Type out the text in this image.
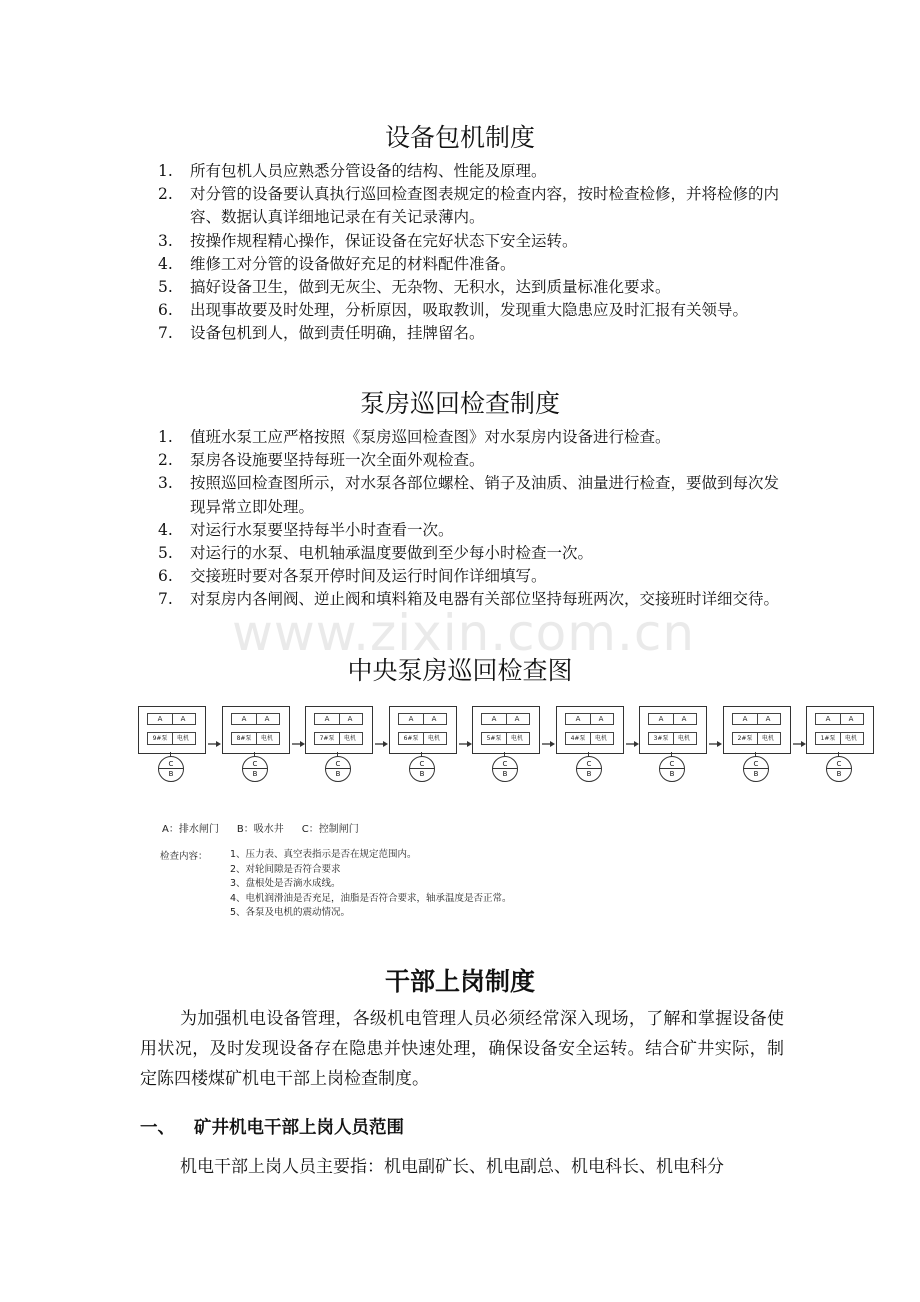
设备包机制度
1. 所有包机人员应熟悉分管设备的结构、性能及原理。
2. 对分管的设备要认真执行巡回检查图表规定的检查内容，按时检查检修，并将检修的内容、数据认真详细地记录在有关记录薄内。
3. 按操作规程精心操作，保证设备在完好状态下安全运转。
4. 维修工对分管的设备做好充足的材料配件准备。
5. 搞好设备卫生，做到无灰尘、无杂物、无积水，达到质量标准化要求。
6. 出现事故要及时处理，分析原因，吸取教训，发现重大隐患应及时汇报有关领导。
7. 设备包机到人，做到责任明确，挂牌留名。
泵房巡回检查制度
1. 值班水泵工应严格按照《泵房巡回检查图》对水泵房内设备进行检查。
2. 泵房各设施要坚持每班一次全面外观检查。
3. 按照巡回检查图所示，对水泵各部位螺栓、销子及油质、油量进行检查，要做到每次发现异常立即处理。
4. 对运行水泵要坚持每半小时查看一次。
5. 对运行的水泵、电机轴承温度要做到至少每小时检查一次。
6. 交接班时要对各泵开停时间及运行时间作详细填写。
7. 对泵房内各闸阀、逆止阀和填料箱及电器有关部位坚持每班两次，交接班时详细交待。
www.zixin.com.cn
中央泵房巡回检查图
A	A
9#泵	电机
C
B
A	A
8#泵	电机
C
B
A	A
7#泵	电机
C
B
A	A
6#泵	电机
C
B
A	A
5#泵	电机
C
B
A	A
4#泵	电机
C
B
A	A
3#泵	电机
C
B
A	A
2#泵	电机
C
B
A	A
1#泵	电机
C
B
A：排水闸门 B：吸水井 C：控制闸门
检查内容： 1、压力表、真空表指示是否在规定范围内。
2、对轮间隙是否符合要求
3、盘根处是否滴水成线。
4、电机润滑油是否充足，油脂是否符合要求，轴承温度是否正常。
5、各泵及电机的震动情况。
干部上岗制度

为加强机电设备管理，各级机电管理人员必须经常深入现场，了解和掌握设备使用状况，及时发现设备存在隐患并快速处理，确保设备安全运转。结合矿井实际，制定陈四楼煤矿机电干部上岗检查制度。

一、 矿井机电干部上岗人员范围

机电干部上岗人员主要指：机电副矿长、机电副总、机电科长、机电科分
